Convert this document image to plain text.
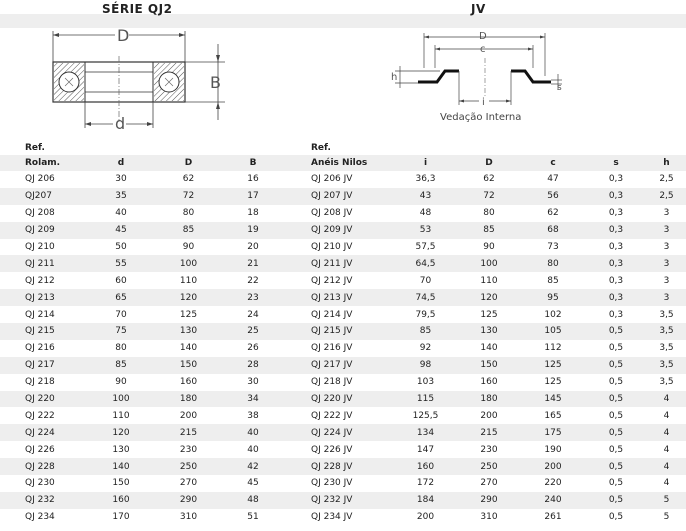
SÉRIE QJ2	JV
D
B
d
D
c
h
s
i
Vedação Interna
Ref.				Ref.					
Rolam.	d	D	B	Anéis Nilos	i	D	c	s	h
QJ 206	30	62	16	QJ 206 JV	36,3	62	47	0,3	2,5
QJ207	35	72	17	QJ 207 JV	43	72	56	0,3	2,5
QJ 208	40	80	18	QJ 208 JV	48	80	62	0,3	3
QJ 209	45	85	19	QJ 209 JV	53	85	68	0,3	3
QJ 210	50	90	20	QJ 210 JV	57,5	90	73	0,3	3
QJ 211	55	100	21	QJ 211 JV	64,5	100	80	0,3	3
QJ 212	60	110	22	QJ 212 JV	70	110	85	0,3	3
QJ 213	65	120	23	QJ 213 JV	74,5	120	95	0,3	3
QJ 214	70	125	24	QJ 214 JV	79,5	125	102	0,3	3,5
QJ 215	75	130	25	QJ 215 JV	85	130	105	0,5	3,5
QJ 216	80	140	26	QJ 216 JV	92	140	112	0,5	3,5
QJ 217	85	150	28	QJ 217 JV	98	150	125	0,5	3,5
QJ 218	90	160	30	QJ 218 JV	103	160	125	0,5	3,5
QJ 220	100	180	34	QJ 220 JV	115	180	145	0,5	4
QJ 222	110	200	38	QJ 222 JV	125,5	200	165	0,5	4
QJ 224	120	215	40	QJ 224 JV	134	215	175	0,5	4
QJ 226	130	230	40	QJ 226 JV	147	230	190	0,5	4
QJ 228	140	250	42	QJ 228 JV	160	250	200	0,5	4
QJ 230	150	270	45	QJ 230 JV	172	270	220	0,5	4
QJ 232	160	290	48	QJ 232 JV	184	290	240	0,5	5
QJ 234	170	310	51	QJ 234 JV	200	310	261	0,5	5
